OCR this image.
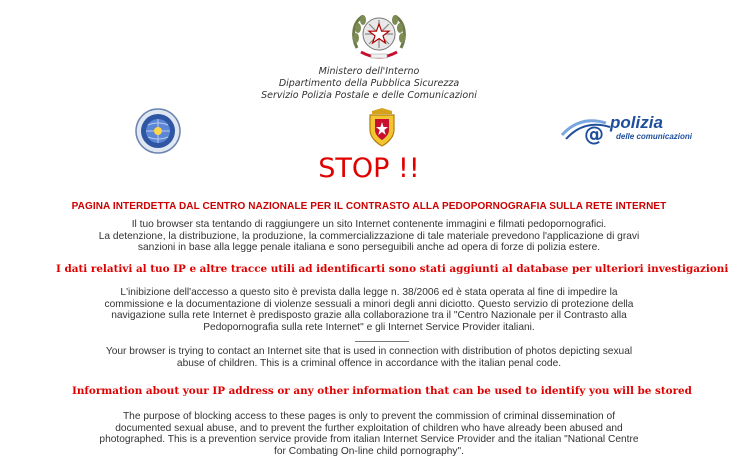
Ministero dell'Interno
Dipartimento della Pubblica Sicurezza
Servizio Polizia Postale e delle Comunicazioni
@ polizia
delle comunicazioni
STOP !!
PAGINA INTERDETTA DAL CENTRO NAZIONALE PER IL CONTRASTO ALLA PEDOPORNOGRAFIA SULLA RETE INTERNET
Il tuo browser sta tentando di raggiungere un sito Internet contenente immagini e filmati pedopornografici.
La detenzione, la distribuzione, la produzione, la commercializzazione di tale materiale prevedono l'applicazione di gravi
sanzioni in base alla legge penale italiana e sono perseguibili anche ad opera di forze di polizia estere.
I dati relativi al tuo IP e altre tracce utili ad identificarti sono stati aggiunti al database per ulteriori investigazioni
L'inibizione dell'accesso a questo sito è prevista dalla legge n. 38/2006 ed è stata operata al fine di impedire la
commissione e la documentazione di violenze sessuali a minori degli anni diciotto. Questo servizio di protezione della
navigazione sulla rete Internet è predisposto grazie alla collaborazione tra il "Centro Nazionale per il Contrasto alla
Pedopornografia sulla rete Internet" e gli Internet Service Provider italiani.
Your browser is trying to contact an Internet site that is used in connection with distribution of photos depicting sexual
abuse of children. This is a criminal offence in accordance with the italian penal code.
Information about your IP address or any other information that can be used to identify you will be stored
The purpose of blocking access to these pages is only to prevent the commission of criminal dissemination of
documented sexual abuse, and to prevent the further exploitation of children who have already been abused and
photographed. This is a prevention service provide from italian Internet Service Provider and the italian "National Centre
for Combating On-line child pornography".
